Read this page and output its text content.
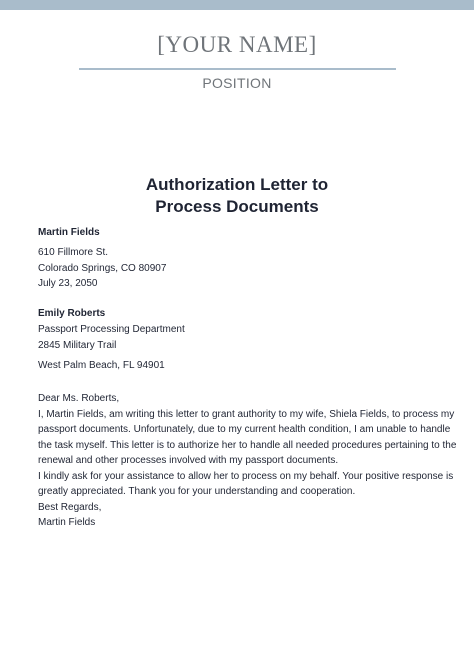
[YOUR NAME]
POSITION
Authorization Letter to
Process Documents
Martin Fields
610 Fillmore St.
Colorado Springs, CO 80907
July 23, 2050
Emily Roberts
Passport Processing Department
2845 Military Trail
West Palm Beach, FL 94901
Dear Ms. Roberts,
I, Martin Fields, am writing this letter to grant authority to my wife, Shiela Fields, to process my
passport documents. Unfortunately, due to my current health condition, I am unable to handle
the task myself. This letter is to authorize her to handle all needed procedures pertaining to the
renewal and other processes involved with my passport documents.
I kindly ask for your assistance to allow her to process on my behalf. Your positive response is
greatly appreciated. Thank you for your understanding and cooperation.
Best Regards,
Martin Fields
